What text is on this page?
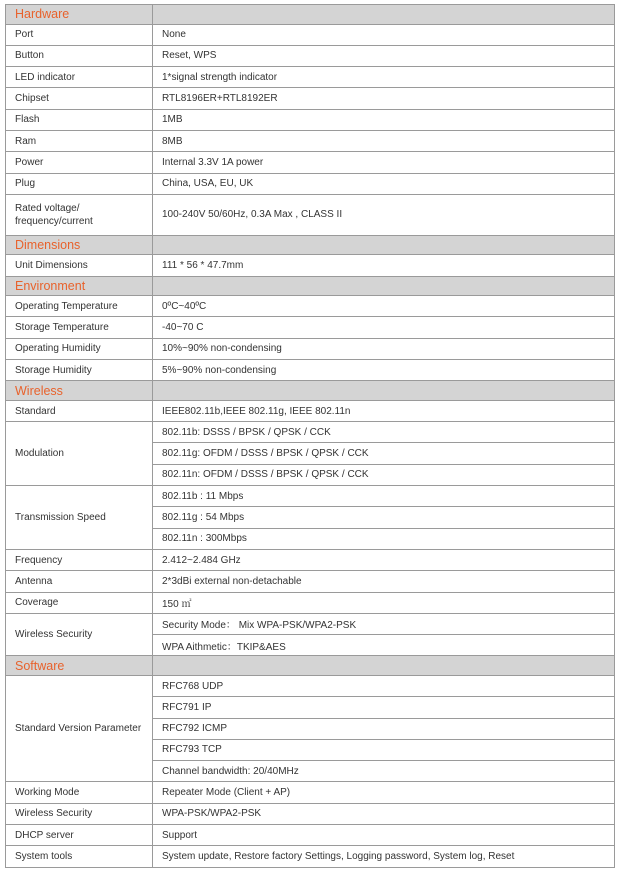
Hardware	
Port	None
Button	Reset, WPS
LED indicator	1*signal strength indicator
Chipset	RTL8196ER+RTL8192ER
Flash	1MB
Ram	8MB
Power	Internal 3.3V 1A power
Plug	China, USA, EU, UK
Rated voltage/
frequency/current	100-240V 50/60Hz, 0.3A Max , CLASS II
Dimensions	
Unit Dimensions	111 * 56 * 47.7mm
Environment	
Operating Temperature	0ºC~40ºC
Storage Temperature	-40~70 C
Operating Humidity	10%~90% non-condensing
Storage Humidity	5%~90% non-condensing
Wireless	
Standard	IEEE802.11b,IEEE 802.11g, IEEE 802.11n
Modulation	802.11b: DSSS / BPSK / QPSK / CCK
	802.11g: OFDM / DSSS / BPSK / QPSK / CCK
	802.11n: OFDM / DSSS / BPSK / QPSK / CCK
Transmission Speed	802.11b : 11 Mbps
	802.11g : 54 Mbps
	802.11n : 300Mbps
Frequency	2.412~2.484 GHz
Antenna	2*3dBi external non-detachable
Coverage	150 ㎡
Wireless Security	Security Mode： Mix WPA-PSK/WPA2-PSK
	WPA Aithmetic：TKIP&AES
Software	
Standard Version Parameter	RFC768 UDP
	RFC791 IP
	RFC792 ICMP
	RFC793 TCP
	Channel bandwidth: 20/40MHz
Working Mode	Repeater Mode (Client + AP)
Wireless Security	WPA-PSK/WPA2-PSK
DHCP server	Support
System tools	System update, Restore factory Settings, Logging password, System log, Reset
